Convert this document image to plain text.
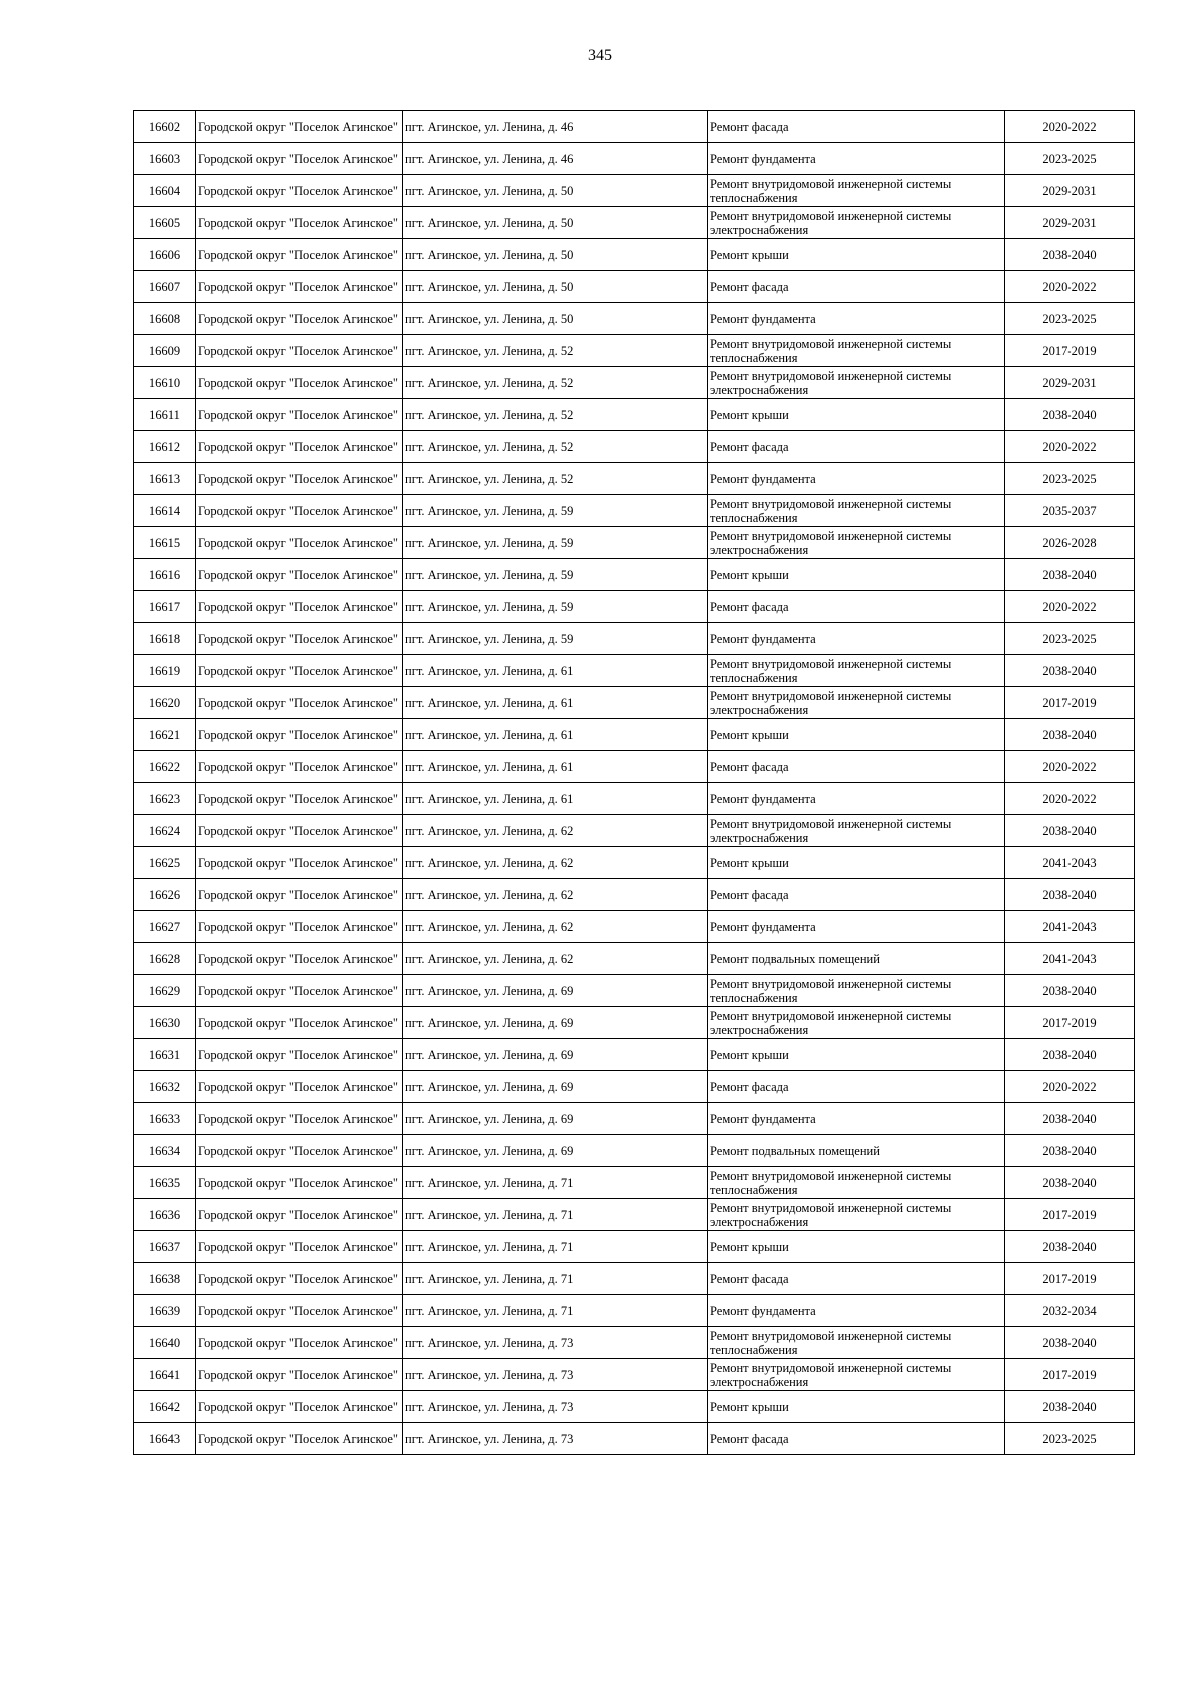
345
16602	Городской округ "Поселок Агинское"	пгт. Агинское, ул. Ленина, д. 46	Ремонт фасада	2020-2022
16603	Городской округ "Поселок Агинское"	пгт. Агинское, ул. Ленина, д. 46	Ремонт фундамента	2023-2025
16604	Городской округ "Поселок Агинское"	пгт. Агинское, ул. Ленина, д. 50	Ремонт внутридомовой инженерной системы теплоснабжения	2029-2031
16605	Городской округ "Поселок Агинское"	пгт. Агинское, ул. Ленина, д. 50	Ремонт внутридомовой инженерной системы электроснабжения	2029-2031
16606	Городской округ "Поселок Агинское"	пгт. Агинское, ул. Ленина, д. 50	Ремонт крыши	2038-2040
16607	Городской округ "Поселок Агинское"	пгт. Агинское, ул. Ленина, д. 50	Ремонт фасада	2020-2022
16608	Городской округ "Поселок Агинское"	пгт. Агинское, ул. Ленина, д. 50	Ремонт фундамента	2023-2025
16609	Городской округ "Поселок Агинское"	пгт. Агинское, ул. Ленина, д. 52	Ремонт внутридомовой инженерной системы теплоснабжения	2017-2019
16610	Городской округ "Поселок Агинское"	пгт. Агинское, ул. Ленина, д. 52	Ремонт внутридомовой инженерной системы электроснабжения	2029-2031
16611	Городской округ "Поселок Агинское"	пгт. Агинское, ул. Ленина, д. 52	Ремонт крыши	2038-2040
16612	Городской округ "Поселок Агинское"	пгт. Агинское, ул. Ленина, д. 52	Ремонт фасада	2020-2022
16613	Городской округ "Поселок Агинское"	пгт. Агинское, ул. Ленина, д. 52	Ремонт фундамента	2023-2025
16614	Городской округ "Поселок Агинское"	пгт. Агинское, ул. Ленина, д. 59	Ремонт внутридомовой инженерной системы теплоснабжения	2035-2037
16615	Городской округ "Поселок Агинское"	пгт. Агинское, ул. Ленина, д. 59	Ремонт внутридомовой инженерной системы электроснабжения	2026-2028
16616	Городской округ "Поселок Агинское"	пгт. Агинское, ул. Ленина, д. 59	Ремонт крыши	2038-2040
16617	Городской округ "Поселок Агинское"	пгт. Агинское, ул. Ленина, д. 59	Ремонт фасада	2020-2022
16618	Городской округ "Поселок Агинское"	пгт. Агинское, ул. Ленина, д. 59	Ремонт фундамента	2023-2025
16619	Городской округ "Поселок Агинское"	пгт. Агинское, ул. Ленина, д. 61	Ремонт внутридомовой инженерной системы теплоснабжения	2038-2040
16620	Городской округ "Поселок Агинское"	пгт. Агинское, ул. Ленина, д. 61	Ремонт внутридомовой инженерной системы электроснабжения	2017-2019
16621	Городской округ "Поселок Агинское"	пгт. Агинское, ул. Ленина, д. 61	Ремонт крыши	2038-2040
16622	Городской округ "Поселок Агинское"	пгт. Агинское, ул. Ленина, д. 61	Ремонт фасада	2020-2022
16623	Городской округ "Поселок Агинское"	пгт. Агинское, ул. Ленина, д. 61	Ремонт фундамента	2020-2022
16624	Городской округ "Поселок Агинское"	пгт. Агинское, ул. Ленина, д. 62	Ремонт внутридомовой инженерной системы электроснабжения	2038-2040
16625	Городской округ "Поселок Агинское"	пгт. Агинское, ул. Ленина, д. 62	Ремонт крыши	2041-2043
16626	Городской округ "Поселок Агинское"	пгт. Агинское, ул. Ленина, д. 62	Ремонт фасада	2038-2040
16627	Городской округ "Поселок Агинское"	пгт. Агинское, ул. Ленина, д. 62	Ремонт фундамента	2041-2043
16628	Городской округ "Поселок Агинское"	пгт. Агинское, ул. Ленина, д. 62	Ремонт подвальных помещений	2041-2043
16629	Городской округ "Поселок Агинское"	пгт. Агинское, ул. Ленина, д. 69	Ремонт внутридомовой инженерной системы теплоснабжения	2038-2040
16630	Городской округ "Поселок Агинское"	пгт. Агинское, ул. Ленина, д. 69	Ремонт внутридомовой инженерной системы электроснабжения	2017-2019
16631	Городской округ "Поселок Агинское"	пгт. Агинское, ул. Ленина, д. 69	Ремонт крыши	2038-2040
16632	Городской округ "Поселок Агинское"	пгт. Агинское, ул. Ленина, д. 69	Ремонт фасада	2020-2022
16633	Городской округ "Поселок Агинское"	пгт. Агинское, ул. Ленина, д. 69	Ремонт фундамента	2038-2040
16634	Городской округ "Поселок Агинское"	пгт. Агинское, ул. Ленина, д. 69	Ремонт подвальных помещений	2038-2040
16635	Городской округ "Поселок Агинское"	пгт. Агинское, ул. Ленина, д. 71	Ремонт внутридомовой инженерной системы теплоснабжения	2038-2040
16636	Городской округ "Поселок Агинское"	пгт. Агинское, ул. Ленина, д. 71	Ремонт внутридомовой инженерной системы электроснабжения	2017-2019
16637	Городской округ "Поселок Агинское"	пгт. Агинское, ул. Ленина, д. 71	Ремонт крыши	2038-2040
16638	Городской округ "Поселок Агинское"	пгт. Агинское, ул. Ленина, д. 71	Ремонт фасада	2017-2019
16639	Городской округ "Поселок Агинское"	пгт. Агинское, ул. Ленина, д. 71	Ремонт фундамента	2032-2034
16640	Городской округ "Поселок Агинское"	пгт. Агинское, ул. Ленина, д. 73	Ремонт внутридомовой инженерной системы теплоснабжения	2038-2040
16641	Городской округ "Поселок Агинское"	пгт. Агинское, ул. Ленина, д. 73	Ремонт внутридомовой инженерной системы электроснабжения	2017-2019
16642	Городской округ "Поселок Агинское"	пгт. Агинское, ул. Ленина, д. 73	Ремонт крыши	2038-2040
16643	Городской округ "Поселок Агинское"	пгт. Агинское, ул. Ленина, д. 73	Ремонт фасада	2023-2025
